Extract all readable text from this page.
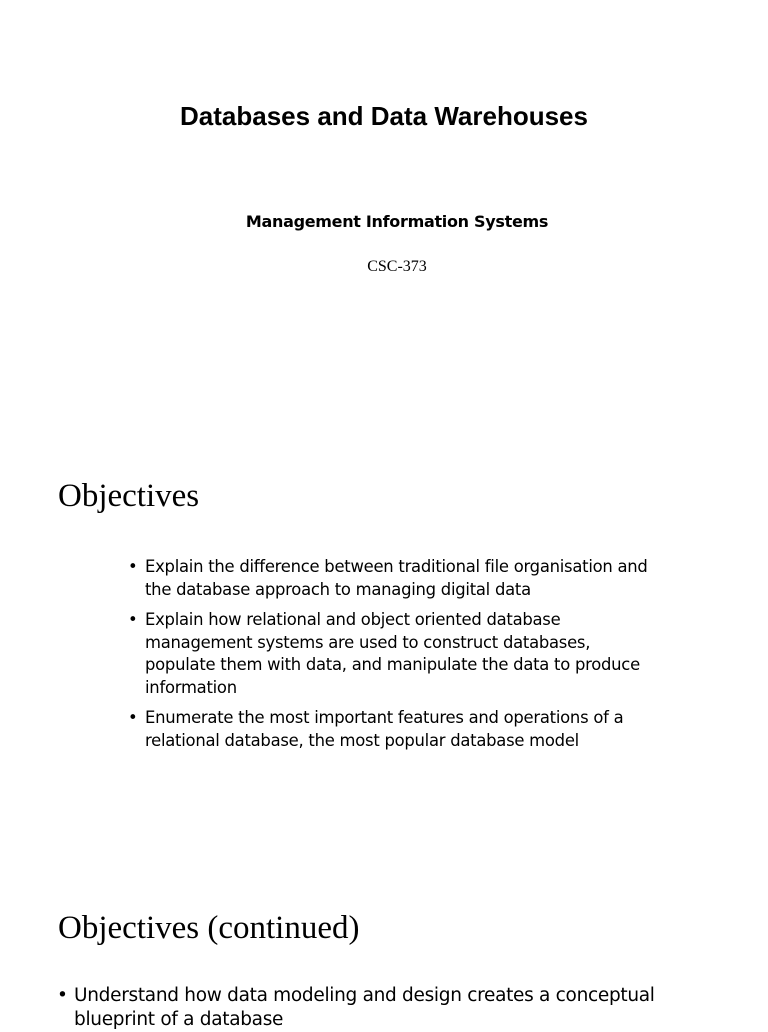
Databases and Data Warehouses

Management Information Systems

CSC-373

Objectives
• Explain the difference between traditional file organisation and the database approach to managing digital data
• Explain how relational and object oriented database management systems are used to construct databases, populate them with data, and manipulate the data to produce information
• Enumerate the most important features and operations of a relational database, the most popular database model
Objectives (continued)
• Understand how data modeling and design creates a conceptual blueprint of a database
